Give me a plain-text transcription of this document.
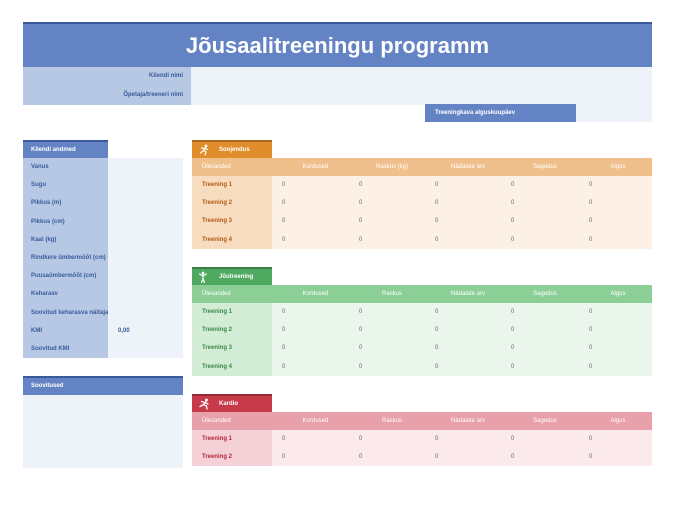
Jõusaalitreeningu programm
Kliendi nimi
Õpetaja/treeneri nimi
Treeningkava alguskuupäev
Kliendi andmed
Vanus
Sugu
Pikkus (m)
Pikkus (cm)
Kaal (kg)
Rindkere ümbermõõt (cm)
Puusaümbermõõt (cm)
Keharasv
Soovitud keharasva näitaja
KMI	0,00
Soovitud KMI
Soovitused
Soojendus
Ülesanded	Kordused	Raskus (kg)	Nädalate arv	Sagedus	Algus
Treening 1	0	0	0	0	0
Treening 2	0	0	0	0	0
Treening 3	0	0	0	0	0
Treening 4	0	0	0	0	0
Jõutreening
Ülesanded	Kordused	Raskus	Nädalate arv	Sagedus	Algus
Treening 1	0	0	0	0	0
Treening 2	0	0	0	0	0
Treening 3	0	0	0	0	0
Treening 4	0	0	0	0	0
Kardio
Ülesanded	Kordused	Raskus	Nädalate arv	Sagedus	Algus
Treening 1	0	0	0	0	0
Treening 2	0	0	0	0	0
